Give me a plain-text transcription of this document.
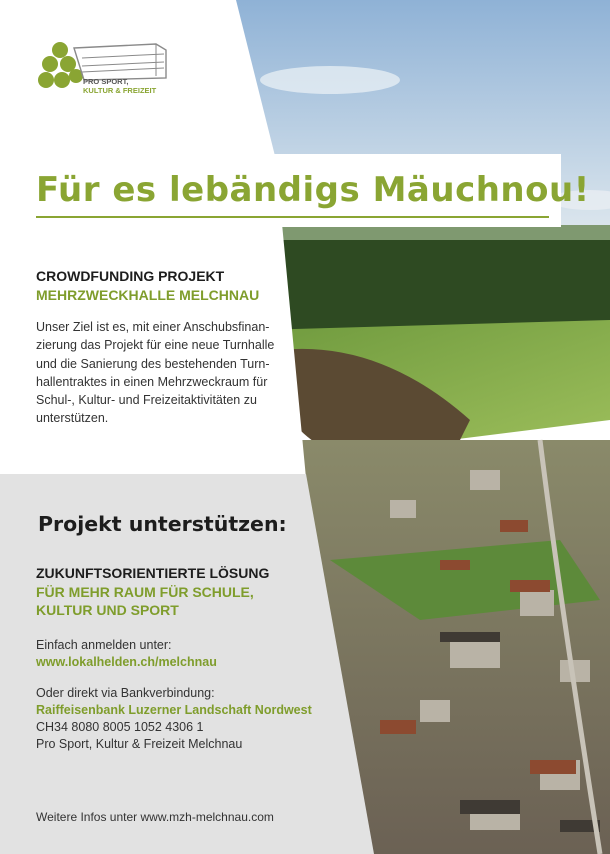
PRO SPORT,
KULTUR & FREIZEIT
Für es lebändigs Mäuchnou!
CROWDFUNDING PROJEKT
MEHRZWECKHALLE MELCHNAU
Unser Ziel ist es, mit einer Anschubsfinan-
zierung das Projekt für eine neue Turnhalle
und die Sanierung des bestehenden Turn-
hallentraktes in einen Mehrzweckraum für
Schul-, Kultur- und Freizeitaktivitäten zu
unterstützen.
Projekt unterstützen:
ZUKUNFTSORIENTIERTE LÖSUNG
FÜR MEHR RAUM FÜR SCHULE,
KULTUR UND SPORT
Einfach anmelden unter:
www.lokalhelden.ch/melchnau
Oder direkt via Bankverbindung:
Raiffeisenbank Luzerner Landschaft Nordwest
CH34 8080 8005 1052 4306 1
Pro Sport, Kultur & Freizeit Melchnau
Weitere Infos unter www.mzh-melchnau.com
